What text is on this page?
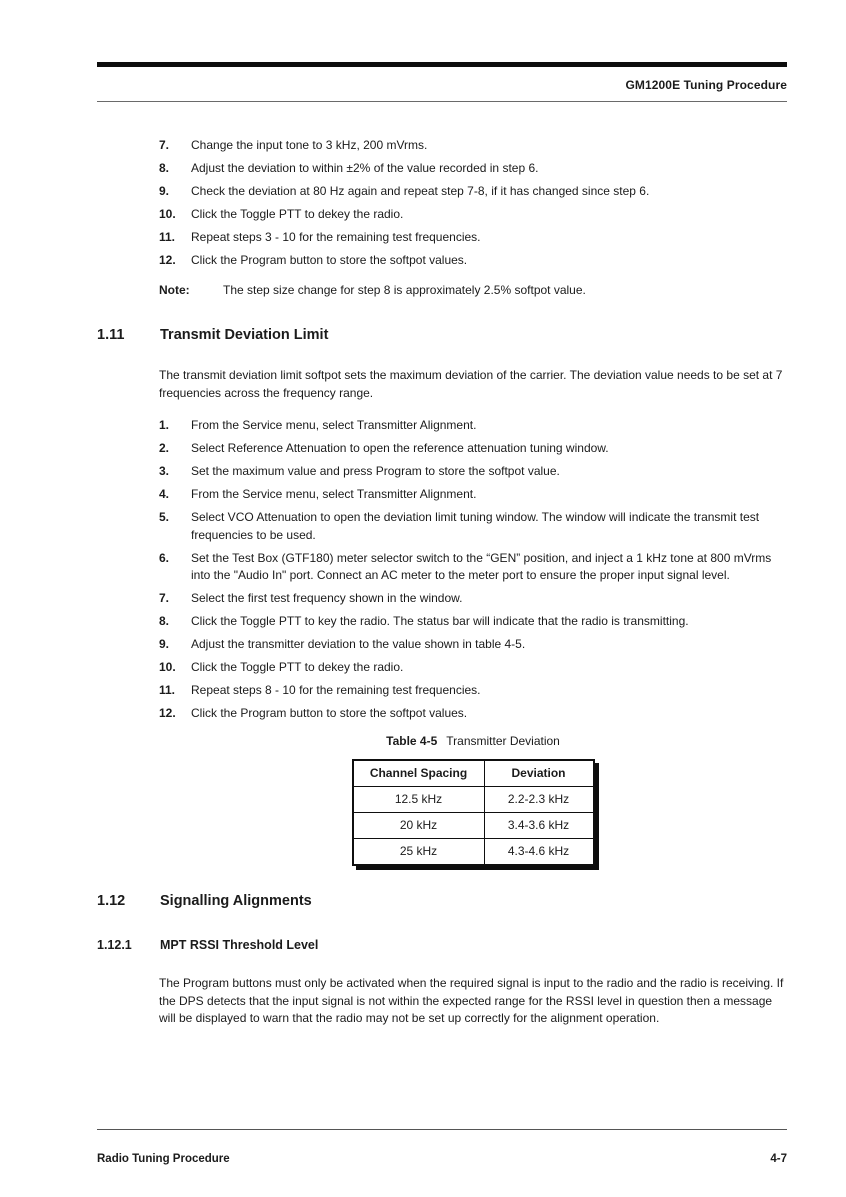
GM1200E Tuning Procedure
7.	Change the input tone to 3 kHz, 200 mVrms.
8.	Adjust the deviation to within ±2% of the value recorded in step 6.
9.	Check the deviation at 80 Hz again and repeat step 7-8, if it has changed since step 6.
10.	Click the Toggle PTT to dekey the radio.
11.	Repeat steps 3 - 10 for the remaining test frequencies.
12.	Click the Program button to store the softpot values.
Note:	The step size change for step 8 is approximately 2.5% softpot value.
1.11 Transmit Deviation Limit

The transmit deviation limit softpot sets the maximum deviation of the carrier. The deviation value needs to be set at 7 frequencies across the frequency range.

1.	From the Service menu, select Transmitter Alignment.
2.	Select Reference Attenuation to open the reference attenuation tuning window.
3.	Set the maximum value and press Program to store the softpot value.
4.	From the Service menu, select Transmitter Alignment.
5.	Select VCO Attenuation to open the deviation limit tuning window. The window will indicate the transmit test frequencies to be used.
6.	Set the Test Box (GTF180) meter selector switch to the “GEN” position, and inject a 1 kHz tone at 800 mVrms into the "Audio In" port. Connect an AC meter to the meter port to ensure the proper input signal level.
7.	Select the first test frequency shown in the window.
8.	Click the Toggle PTT to key the radio. The status bar will indicate that the radio is transmitting.
9.	Adjust the transmitter deviation to the value shown in table 4-5.
10.	Click the Toggle PTT to dekey the radio.
11.	Repeat steps 8 - 10 for the remaining test frequencies.
12.	Click the Program button to store the softpot values.
Table 4-5 Transmitter Deviation
Channel Spacing	Deviation
12.5 kHz	2.2-2.3 kHz
20 kHz	3.4-3.6 kHz
25 kHz	4.3-4.6 kHz
1.12 Signalling Alignments
1.12.1 MPT RSSI Threshold Level

The Program buttons must only be activated when the required signal is input to the radio and the radio is receiving. If the DPS detects that the input signal is not within the expected range for the RSSI level in question then a message will be displayed to warn that the radio may not be set up correctly for the alignment operation.

Radio Tuning Procedure	4-7
